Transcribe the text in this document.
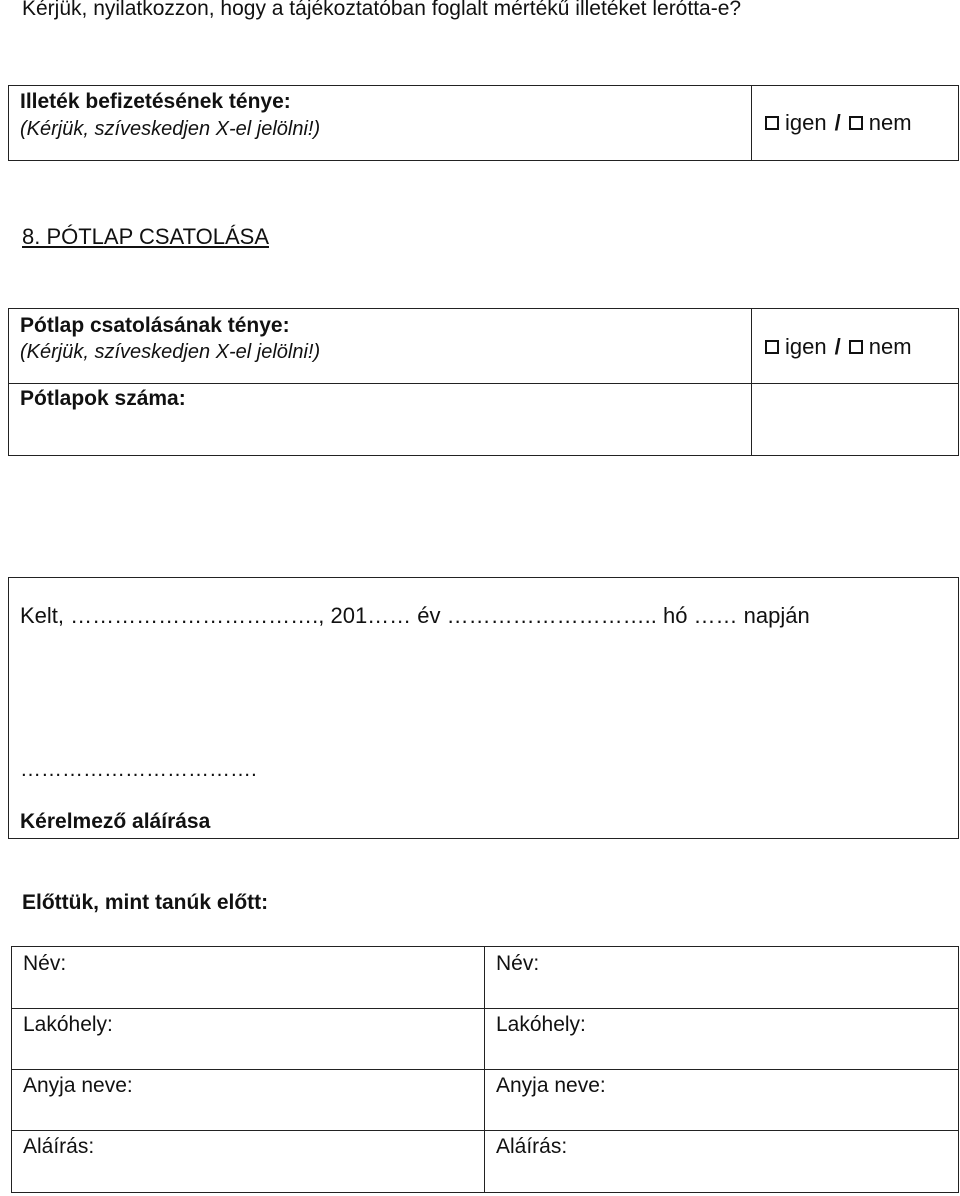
Kérjük, nyilatkozzon, hogy a tájékoztatóban foglalt mértékű illetéket lerótta-e?
Illeték befizetésének ténye:
(Kérjük, szíveskedjen X-el jelölni!)	igen / nem
8. PÓTLAP CSATOLÁSA
Pótlap csatolásának ténye:
(Kérjük, szíveskedjen X-el jelölni!)	igen / nem
Pótlapok száma:
Kelt, ……………………………., 201…… év ……………………….. hó …… napján
…………………………….
Kérelmező aláírása
Előttük, mint tanúk előtt:
Név:
Lakóhely:
Anyja neve:
Aláírás:
Név:
Lakóhely:
Anyja neve:
Aláírás:
